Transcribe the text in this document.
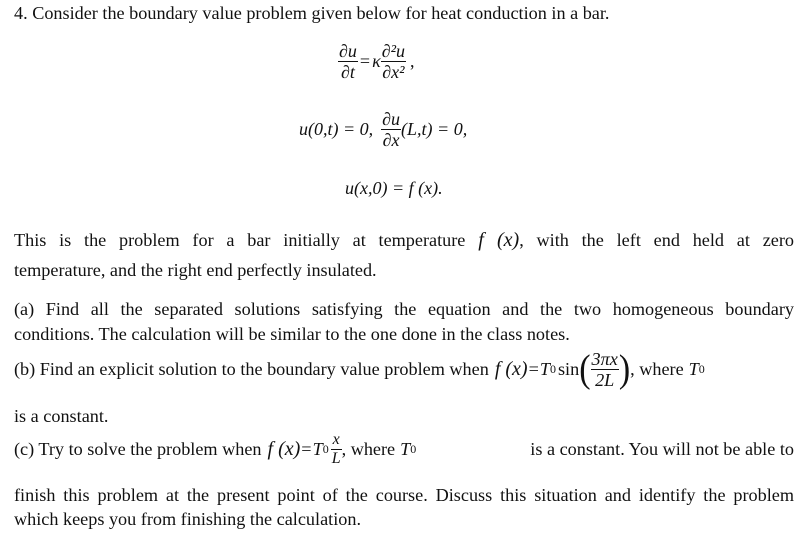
4. Consider the boundary value problem given below for heat conduction in a bar.
$\frac{\partial u}{\partial t} = \kappa \frac{\text{∂²u}}{\text{∂x²}}$ ,
u(0,t) = 0, $\frac{\partial u}{\partial x} (L,t) = 0$,
u(x,0) = f (x).
This is the problem for a bar initially at temperature f (x), with the left end held at zero
temperature, and the right end perfectly insulated.
(a) Find all the separated solutions satisfying the equation and the two homogeneous boundary
conditions. The calculation will be similar to the one done in the class notes.
(b) Find an explicit solution to the boundary value problem when f (x) = T 0 sin ( $\frac{3\pi x}{2L}$ ) , where T 0
is a constant.
(c) Try to solve the problem when f (x) = T $0 \frac{x}{L}$ , where T 0	is a constant. You will not be able to
finish this problem at the present point of the course. Discuss this situation and identify the problem
which keeps you from finishing the calculation.
